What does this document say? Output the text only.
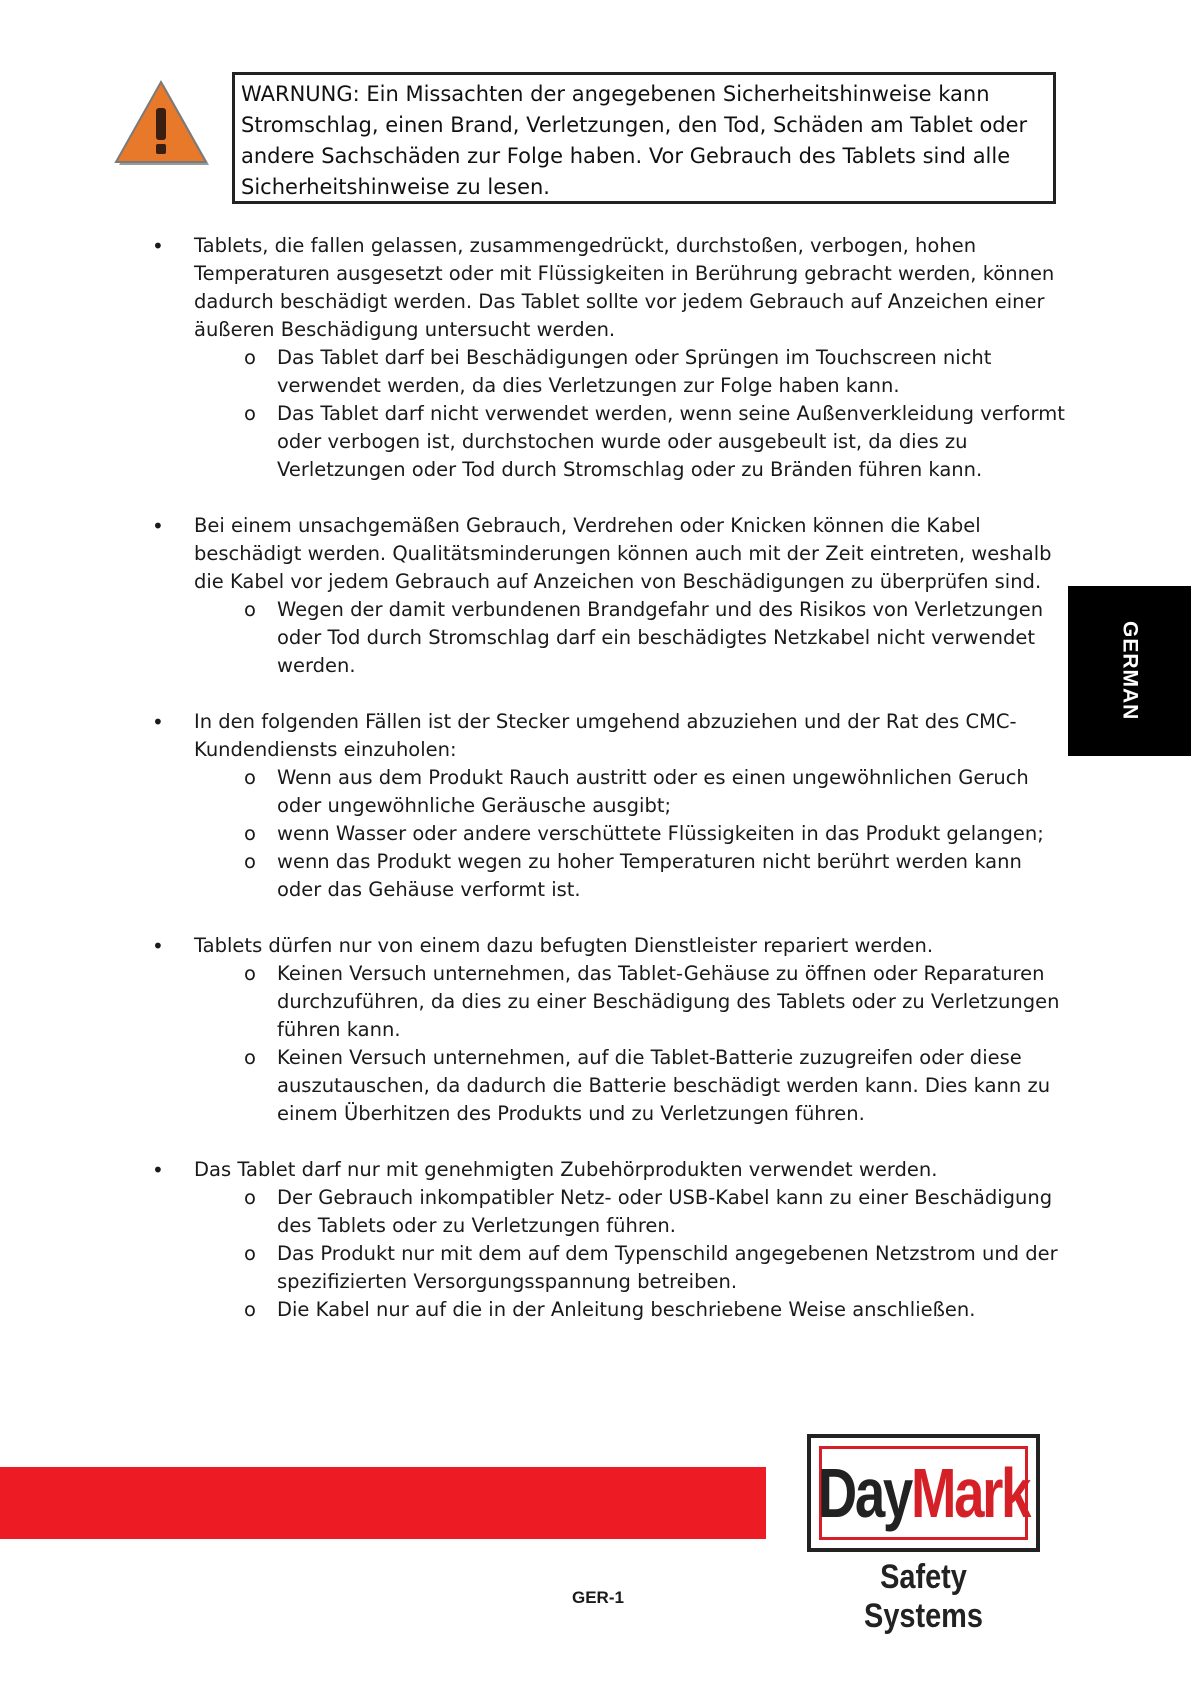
WARNUNG: Ein Missachten der angegebenen Sicherheitshinweise kann Stromschlag, einen Brand, Verletzungen, den Tod, Schäden am Tablet oder andere Sachschäden zur Folge haben. Vor Gebrauch des Tablets sind alle Sicherheitshinweise zu lesen.
• Tablets, die fallen gelassen, zusammengedrückt, durchstoßen, verbogen, hohen Temperaturen ausgesetzt oder mit Flüssigkeiten in Berührung gebracht werden, können dadurch beschädigt werden. Das Tablet sollte vor jedem Gebrauch auf Anzeichen einer äußeren Beschädigung untersucht werden.
o Das Tablet darf bei Beschädigungen oder Sprüngen im Touchscreen nicht verwendet werden, da dies Verletzungen zur Folge haben kann.
o Das Tablet darf nicht verwendet werden, wenn seine Außenverkleidung verformt oder verbogen ist, durchstochen wurde oder ausgebeult ist, da dies zu Verletzungen oder Tod durch Stromschlag oder zu Bränden führen kann.
• Bei einem unsachgemäßen Gebrauch, Verdrehen oder Knicken können die Kabel beschädigt werden. Qualitätsminderungen können auch mit der Zeit eintreten, weshalb die Kabel vor jedem Gebrauch auf Anzeichen von Beschädigungen zu überprüfen sind.
o Wegen der damit verbundenen Brandgefahr und des Risikos von Verletzungen oder Tod durch Stromschlag darf ein beschädigtes Netzkabel nicht verwendet werden.
• In den folgenden Fällen ist der Stecker umgehend abzuziehen und der Rat des CMC-Kundendiensts einzuholen:
o Wenn aus dem Produkt Rauch austritt oder es einen ungewöhnlichen Geruch oder ungewöhnliche Geräusche ausgibt;
o wenn Wasser oder andere verschüttete Flüssigkeiten in das Produkt gelangen;
o wenn das Produkt wegen zu hoher Temperaturen nicht berührt werden kann oder das Gehäuse verformt ist.
• Tablets dürfen nur von einem dazu befugten Dienstleister repariert werden.
o Keinen Versuch unternehmen, das Tablet-Gehäuse zu öffnen oder Reparaturen durchzuführen, da dies zu einer Beschädigung des Tablets oder zu Verletzungen führen kann.
o Keinen Versuch unternehmen, auf die Tablet-Batterie zuzugreifen oder diese auszutauschen, da dadurch die Batterie beschädigt werden kann. Dies kann zu einem Überhitzen des Produkts und zu Verletzungen führen.
• Das Tablet darf nur mit genehmigten Zubehörprodukten verwendet werden.
o Der Gebrauch inkompatibler Netz- oder USB-Kabel kann zu einer Beschädigung des Tablets oder zu Verletzungen führen.
o Das Produkt nur mit dem auf dem Typenschild angegebenen Netzstrom und der spezifizierten Versorgungsspannung betreiben.
o Die Kabel nur auf die in der Anleitung beschriebene Weise anschließen.
GERMAN
GER-1
DayMark
Safety Systems
